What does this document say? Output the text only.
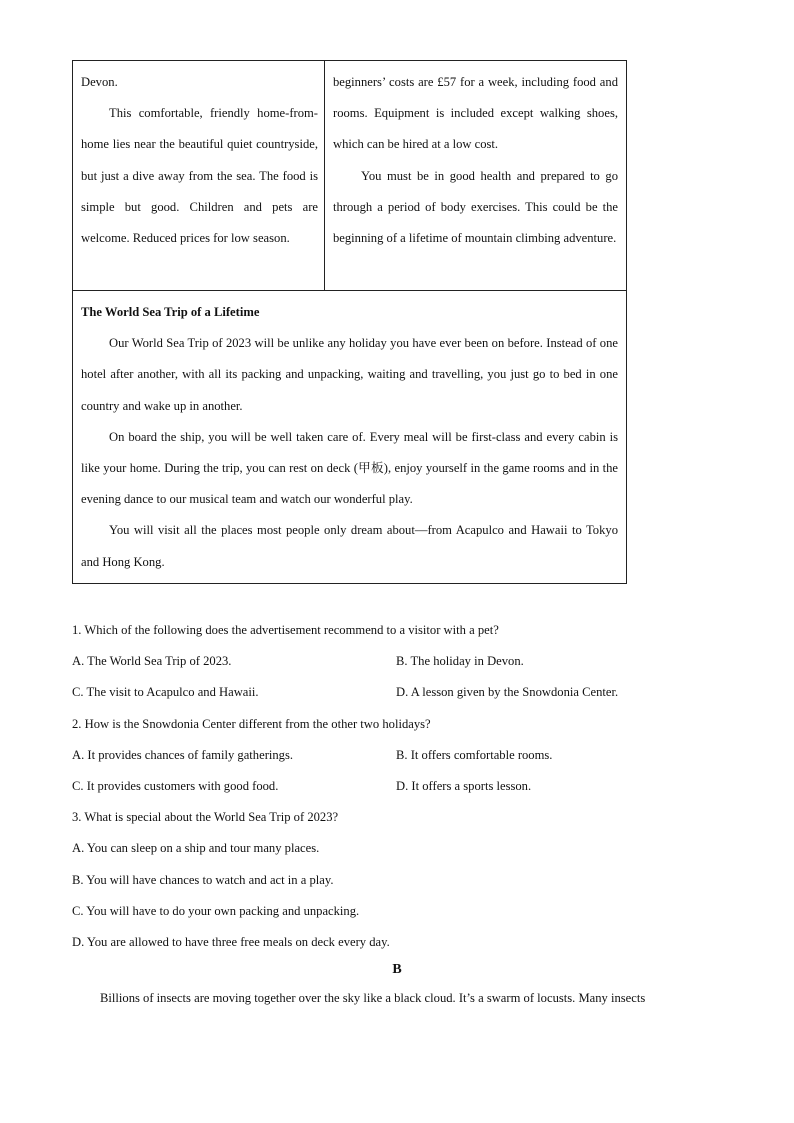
Devon.

This comfortable, friendly home-from-home lies near the beautiful quiet countryside, but just a dive away from the sea. The food is simple but good. Children and pets are welcome. Reduced prices for low season.

beginners’ costs are £57 for a week, including food and rooms. Equipment is included except walking shoes, which can be hired at a low cost.

You must be in good health and prepared to go through a period of body exercises. This could be the beginning of a lifetime of mountain climbing adventure.

The World Sea Trip of a Lifetime

Our World Sea Trip of 2023 will be unlike any holiday you have ever been on before. Instead of one hotel after another, with all its packing and unpacking, waiting and travelling, you just go to bed in one country and wake up in another.

On board the ship, you will be well taken care of. Every meal will be first-class and every cabin is like your home. During the trip, you can rest on deck (甲板), enjoy yourself in the game rooms and in the evening dance to our musical team and watch our wonderful play.

You will visit all the places most people only dream about—from Acapulco and Hawaii to Tokyo and Hong Kong.

1. Which of the following does the advertisement recommend to a visitor with a pet?
A. The World Sea Trip of 2023.	B. The holiday in Devon.
C. The visit to Acapulco and Hawaii.	D. A lesson given by the Snowdonia Center.
2. How is the Snowdonia Center different from the other two holidays?
A. It provides chances of family gatherings.	B. It offers comfortable rooms.
C. It provides customers with good food.	D. It offers a sports lesson.
3. What is special about the World Sea Trip of 2023?
A. You can sleep on a ship and tour many places.
B. You will have chances to watch and act in a play.
C. You will have to do your own packing and unpacking.
D. You are allowed to have three free meals on deck every day.
B
Billions of insects are moving together over the sky like a black cloud. It’s a swarm of locusts. Many insects
